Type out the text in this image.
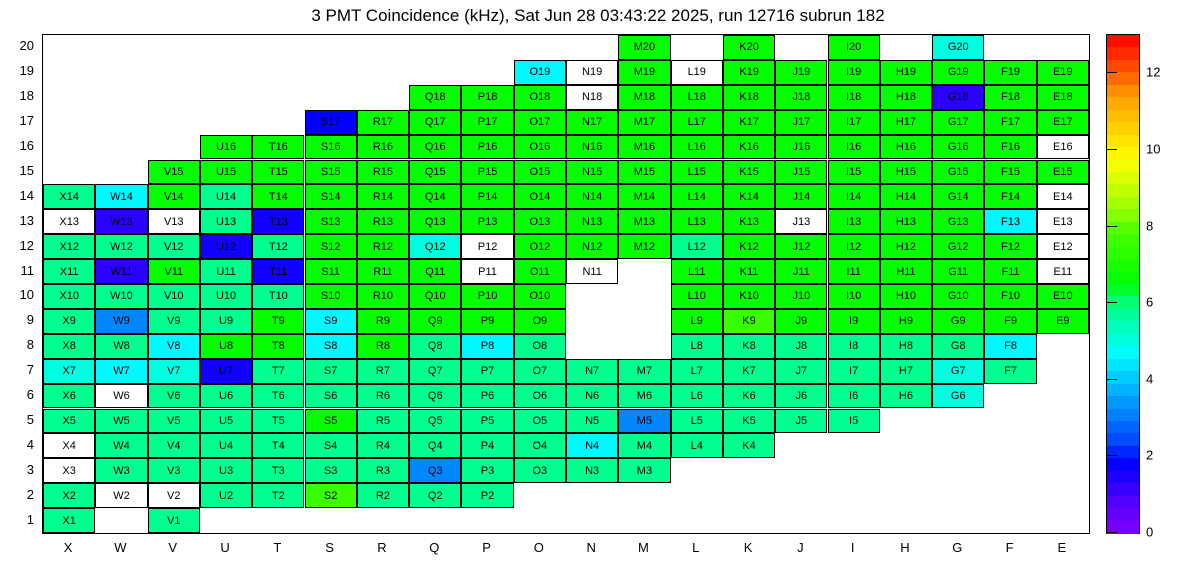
3 PMT Coincidence (kHz), Sat Jun 28 03:43:22 2025, run 12716 subrun 182
M20	K20	I20	G20
O19	N19	M19	L19	K19	J19	I19	H19	G19	F19	E19
Q18	P18	O18	N18	M18	L18	K18	J18	I18	H18	G18	F18	E18
S17	R17	Q17	P17	O17	N17	M17	L17	K17	J17	I17	H17	G17	F17	E17
U16	T16	S16	R16	Q16	P16	O16	N16	M16	L16	K16	J16	I16	H16	G16	F16	E16
V15	U15	T15	S15	R15	Q15	P15	O15	N15	M15	L15	K15	J15	I15	H15	G15	F15	E15
X14	W14	V14	U14	T14	S14	R14	Q14	P14	O14	N14	M14	L14	K14	J14	I14	H14	G14	F14	E14
X13	W13	V13	U13	T13	S13	R13	Q13	P13	O13	N13	M13	L13	K13	J13	I13	H13	G13	F13	E13
X12	W12	V12	U12	T12	S12	R12	Q12	P12	O12	N12	M12	L12	K12	J12	I12	H12	G12	F12	E12
X11	W11	V11	U11	T11	S11	R11	Q11	P11	O11	N11	L11	K11	J11	I11	H11	G11	F11	E11
X10	W10	V10	U10	T10	S10	R10	Q10	P10	O10	L10	K10	J10	I10	H10	G10	F10	E10
X9	W9	V9	U9	T9	S9	R9	Q9	P9	O9	L9	K9	J9	I9	H9	G9	F9	E9
X8	W8	V8	U8	T8	S8	R8	Q8	P8	O8	L8	K8	J8	I8	H8	G8	F8
X7	W7	V7	U7	T7	S7	R7	Q7	P7	O7	N7	M7	L7	K7	J7	I7	H7	G7	F7
X6	W6	V6	U6	T6	S6	R6	Q6	P6	O6	N6	M6	L6	K6	J6	I6	H6	G6
X5	W5	V5	U5	T5	S5	R5	Q5	P5	O5	N5	M5	L5	K5	J5	I5
X4	W4	V4	U4	T4	S4	R4	Q4	P4	O4	N4	M4	L4	K4
X3	W3	V3	U3	T3	S3	R3	Q3	P3	O3	N3	M3
X2	W2	V2	U2	T2	S2	R2	Q2	P2
X1	V1
20
19
18
17
16
15
14
13
12
11
10
9
8
7
6
5
4
3
2
1
X	W	V	U	T	S	R	Q	P	O	N	M	L	K	J	I	H	G	F	E
12
10
8
6
4
2
0
